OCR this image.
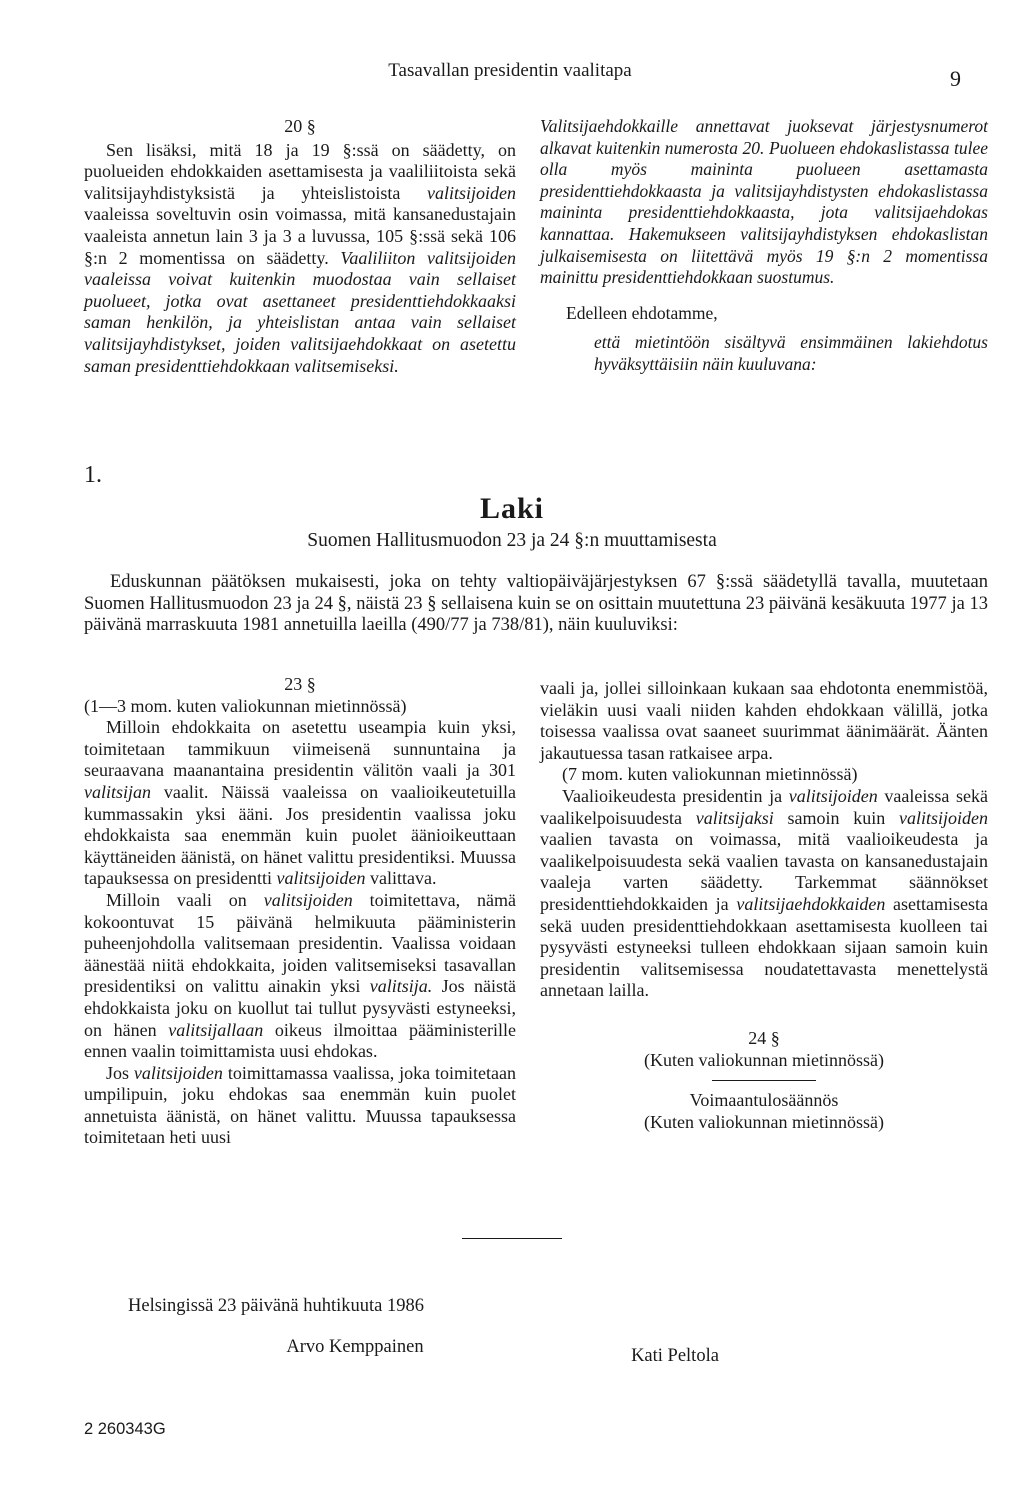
Tasavallan presidentin vaalitapa	9

20 §

Sen lisäksi, mitä 18 ja 19 §:ssä on säädetty, on puolueiden ehdokkaiden asettamisesta ja vaaliliitoista sekä valitsijayhdistyksistä ja yhteislistoista valitsijoiden vaaleissa soveltuvin osin voimassa, mitä kansanedustajain vaaleista annetun lain 3 ja 3 a luvussa, 105 §:ssä sekä 106 §:n 2 momentissa on säädetty. Vaaliliiton valitsijoiden vaaleissa voivat kuitenkin muodostaa vain sellaiset puolueet, jotka ovat asettaneet presidenttiehdokkaaksi saman henkilön, ja yhteislistan antaa vain sellaiset valitsijayhdistykset, joiden valitsijaehdokkaat on asetettu saman presidenttiehdokkaan valitsemiseksi.

Valitsijaehdokkaille annettavat juoksevat järjestysnumerot alkavat kuitenkin numerosta 20. Puolueen ehdokaslistassa tulee olla myös maininta puolueen asettamasta presidenttiehdokkaasta ja valitsijayhdistysten ehdokaslistassa maininta presidenttiehdokkaasta, jota valitsijaehdokas kannattaa. Hakemukseen valitsijayhdistyksen ehdokaslistan julkaisemisesta on liitettävä myös 19 §:n 2 momentissa mainittu presidenttiehdokkaan suostumus.

Edelleen ehdotamme,

että mietintöön sisältyvä ensimmäinen lakiehdotus hyväksyttäisiin näin kuuluvana:

1.
Laki
Suomen Hallitusmuodon 23 ja 24 §:n muuttamisesta
Eduskunnan päätöksen mukaisesti, joka on tehty valtiopäiväjärjestyksen 67 §:ssä säädetyllä tavalla, muutetaan Suomen Hallitusmuodon 23 ja 24 §, näistä 23 § sellaisena kuin se on osittain muutettuna 23 päivänä kesäkuuta 1977 ja 13 päivänä marraskuuta 1981 annetuilla laeilla (490/77 ja 738/81), näin kuuluviksi:

23 §

(1—3 mom. kuten valiokunnan mietinnössä)

Milloin ehdokkaita on asetettu useampia kuin yksi, toimitetaan tammikuun viimeisenä sunnuntaina ja seuraavana maanantaina presidentin välitön vaali ja 301 valitsijan vaalit. Näissä vaaleissa on vaalioikeutetuilla kummassakin yksi ääni. Jos presidentin vaalissa joku ehdokkaista saa enemmän kuin puolet äänioikeuttaan käyttäneiden äänistä, on hänet valittu presidentiksi. Muussa tapauksessa on presidentti valitsijoiden valittava.

Milloin vaali on valitsijoiden toimitettava, nämä kokoontuvat 15 päivänä helmikuuta pääministerin puheenjohdolla valitsemaan presidentin. Vaalissa voidaan äänestää niitä ehdokkaita, joiden valitsemiseksi tasavallan presidentiksi on valittu ainakin yksi valitsija. Jos näistä ehdokkaista joku on kuollut tai tullut pysyvästi estyneeksi, on hänen valitsijallaan oikeus ilmoittaa pääministerille ennen vaalin toimittamista uusi ehdokas.

Jos valitsijoiden toimittamassa vaalissa, joka toimitetaan umpilipuin, joku ehdokas saa enemmän kuin puolet annetuista äänistä, on hänet valittu. Muussa tapauksessa toimitetaan heti uusi

vaali ja, jollei silloinkaan kukaan saa ehdotonta enemmistöä, vieläkin uusi vaali niiden kahden ehdokkaan välillä, jotka toisessa vaalissa ovat saaneet suurimmat äänimäärät. Äänten jakautuessa tasan ratkaisee arpa.

(7 mom. kuten valiokunnan mietinnössä)

Vaalioikeudesta presidentin ja valitsijoiden vaaleissa sekä vaalikelpoisuudesta valitsijaksi samoin kuin valitsijoiden vaalien tavasta on voimassa, mitä vaalioikeudesta ja vaalikelpoisuudesta sekä vaalien tavasta on kansanedustajain vaaleja varten säädetty. Tarkemmat säännökset presidenttiehdokkaiden ja valitsijaehdokkaiden asettamisesta sekä uuden presidenttiehdokkaan asettamisesta kuolleen tai pysyvästi estyneeksi tulleen ehdokkaan sijaan samoin kuin presidentin valitsemisessa noudatettavasta menettelystä annetaan lailla.

24 §

(Kuten valiokunnan mietinnössä)

Voimaantulosäännös

(Kuten valiokunnan mietinnössä)

Helsingissä 23 päivänä huhtikuuta 1986
Arvo Kemppainen	Kati Peltola
2 260343G
